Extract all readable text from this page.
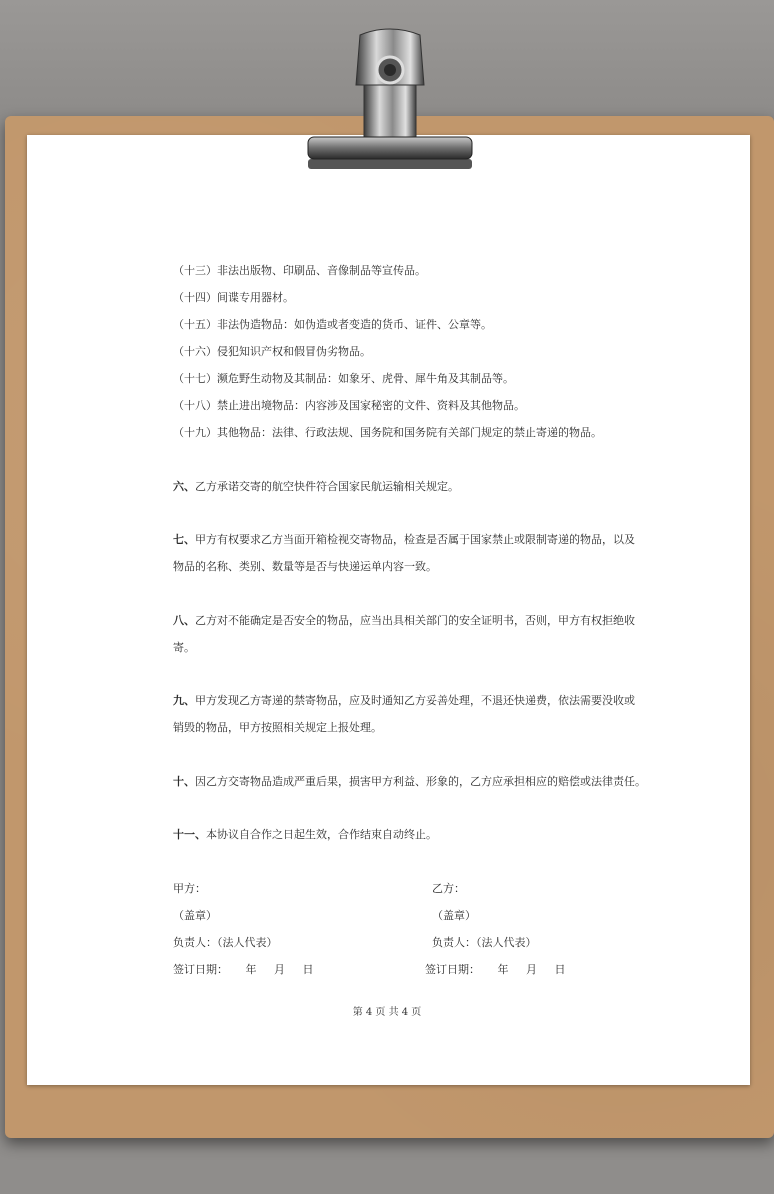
（十三）非法出版物、印刷品、音像制品等宣传品。
（十四）间谍专用器材。
（十五）非法伪造物品：如伪造或者变造的货币、证件、公章等。
（十六）侵犯知识产权和假冒伪劣物品。
（十七）濒危野生动物及其制品：如象牙、虎骨、犀牛角及其制品等。
（十八）禁止进出境物品：内容涉及国家秘密的文件、资料及其他物品。
（十九）其他物品：法律、行政法规、国务院和国务院有关部门规定的禁止寄递的物品。
六、乙方承诺交寄的航空快件符合国家民航运输相关规定。
七、甲方有权要求乙方当面开箱检视交寄物品，检查是否属于国家禁止或限制寄递的物品，以及
物品的名称、类别、数量等是否与快递运单内容一致。
八、乙方对不能确定是否安全的物品，应当出具相关部门的安全证明书，否则，甲方有权拒绝收
寄。
九、甲方发现乙方寄递的禁寄物品，应及时通知乙方妥善处理，不退还快递费，依法需要没收或
销毁的物品，甲方按照相关规定上报处理。
十、因乙方交寄物品造成严重后果，损害甲方利益、形象的，乙方应承担相应的赔偿或法律责任。
十一、本协议自合作之日起生效，合作结束自动终止。
甲方：	乙方：
（盖章）	（盖章）
负责人：（法人代表）	负责人：（法人代表）
签订日期：     年     月     日	签订日期：     年     月     日
第 4 页 共 4 页
